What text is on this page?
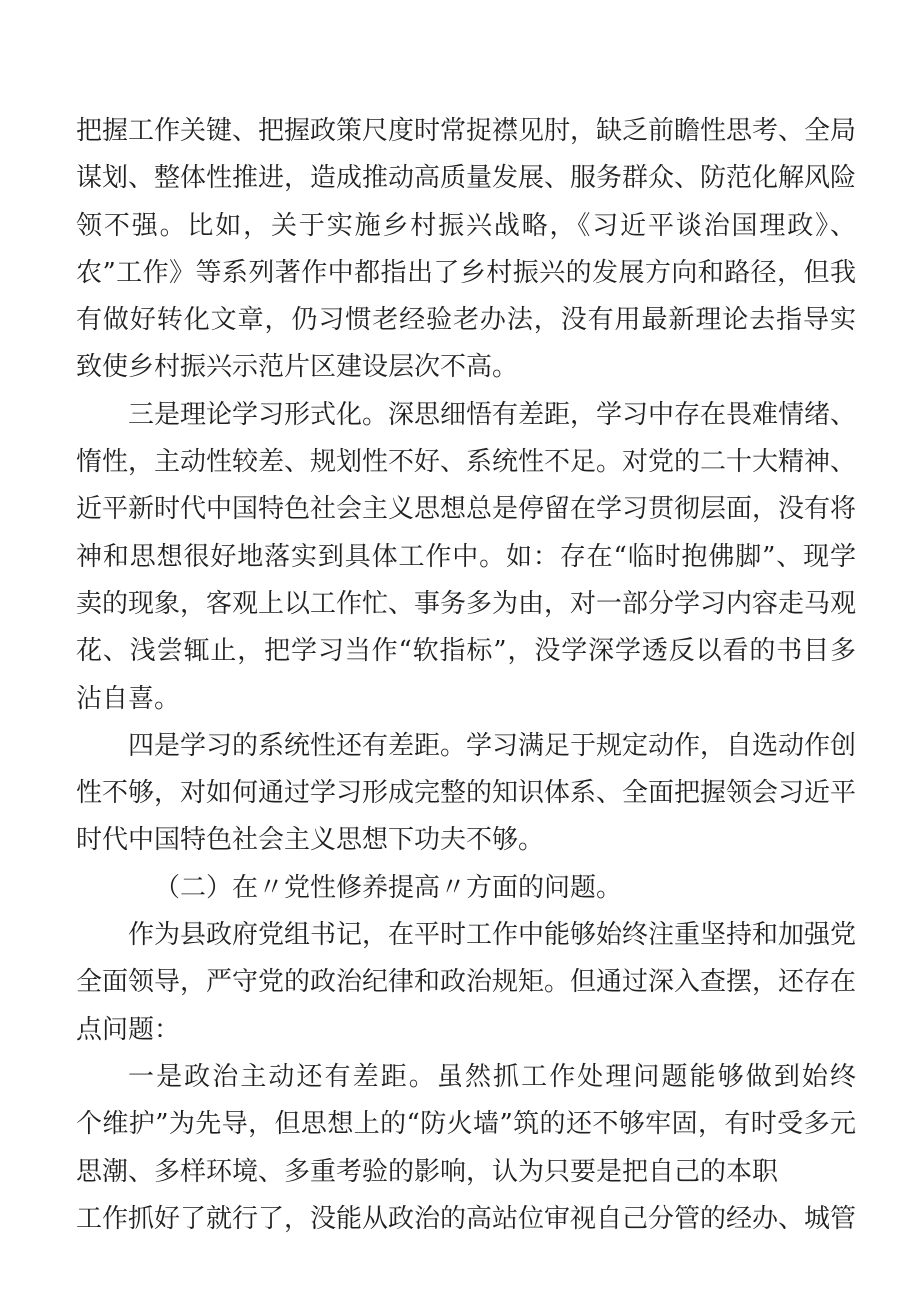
把握工作关键、把握政策尺度时常捉襟见肘，缺乏前瞻性思考、全局
谋划、整体性推进，造成推动高质量发展、服务群众、防范化解风险
领不强。比如，关于实施乡村振兴战略，《习近平谈治国理政》、
农”工作》等系列著作中都指出了乡村振兴的发展方向和路径，但我
有做好转化文章，仍习惯老经验老办法，没有用最新理论去指导实
致使乡村振兴示范片区建设层次不高。
三是理论学习形式化。深思细悟有差距，学习中存在畏难情绪、
惰性，主动性较差、规划性不好、系统性不足。对党的二十大精神、
近平新时代中国特色社会主义思想总是停留在学习贯彻层面，没有将
神和思想很好地落实到具体工作中。如：存在“临时抱佛脚”、现学
卖的现象，客观上以工作忙、事务多为由，对一部分学习内容走马观
花、浅尝辄止，把学习当作“软指标”，没学深学透反以看的书目多
沾自喜。
四是学习的系统性还有差距。学习满足于规定动作，自选动作创
性不够，对如何通过学习形成完整的知识体系、全面把握领会习近平
时代中国特色社会主义思想下功夫不够。
（二）在〃党性修养提高〃方面的问题。
作为县政府党组书记，在平时工作中能够始终注重坚持和加强党
全面领导，严守党的政治纪律和政治规矩。但通过深入查摆，还存在
点问题：
一是政治主动还有差距。虽然抓工作处理问题能够做到始终
个维护”为先导，但思想上的“防火墙”筑的还不够牢固，有时受多元
思潮、多样环境、多重考验的影响，认为只要是把自己的本职
工作抓好了就行了，没能从政治的高站位审视自己分管的经办、城管
